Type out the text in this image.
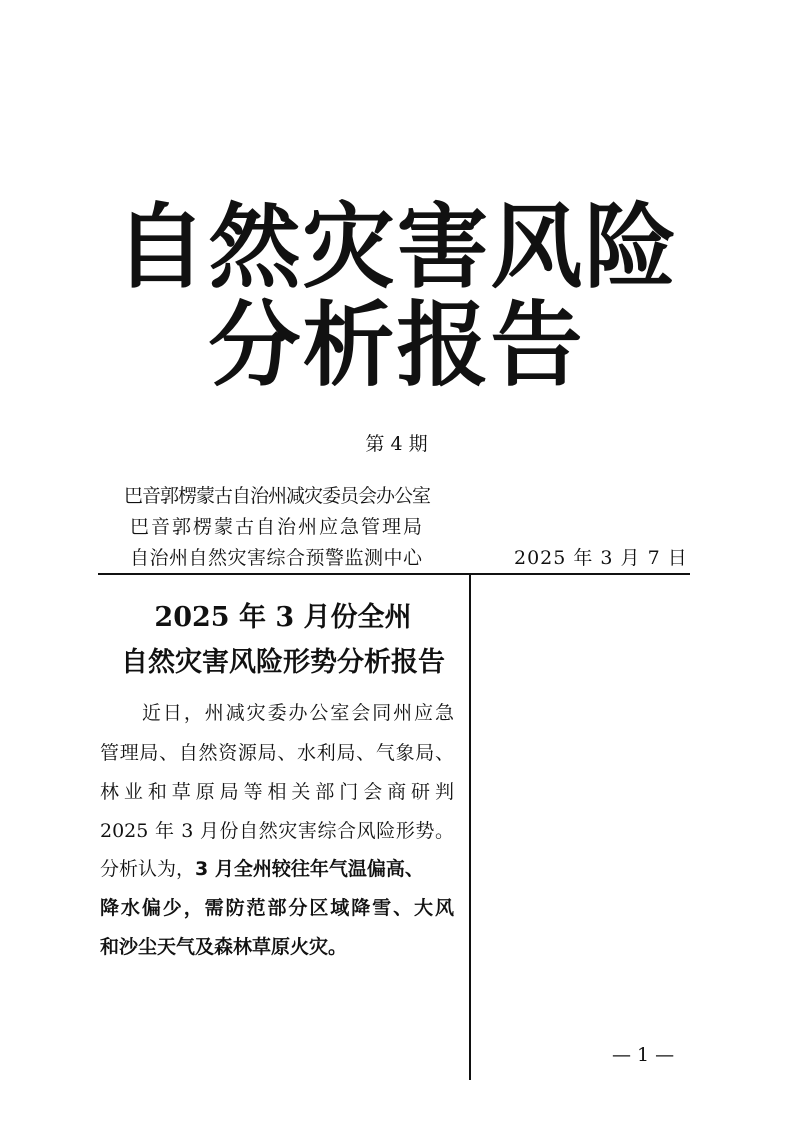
自然灾害风险
分析报告
第 4 期
巴音郭楞蒙古自治州减灾委员会办公室
巴音郭楞蒙古自治州应急管理局
自治州自然灾害综合预警监测中心	2025 年 3 月 7 日
2025 年 3 月份全州
自然灾害风险形势分析报告
近日，州减灾委办公室会同州应急
管理局、自然资源局、水利局、气象局、
林业和草原局等相关部门会商研判
2025 年 3 月份自然灾害综合风险形势。
分析认为，3 月全州较往年气温偏高、
降水偏少，需防范部分区域降雪、大风
和沙尘天气及森林草原火灾。
— 1 —
